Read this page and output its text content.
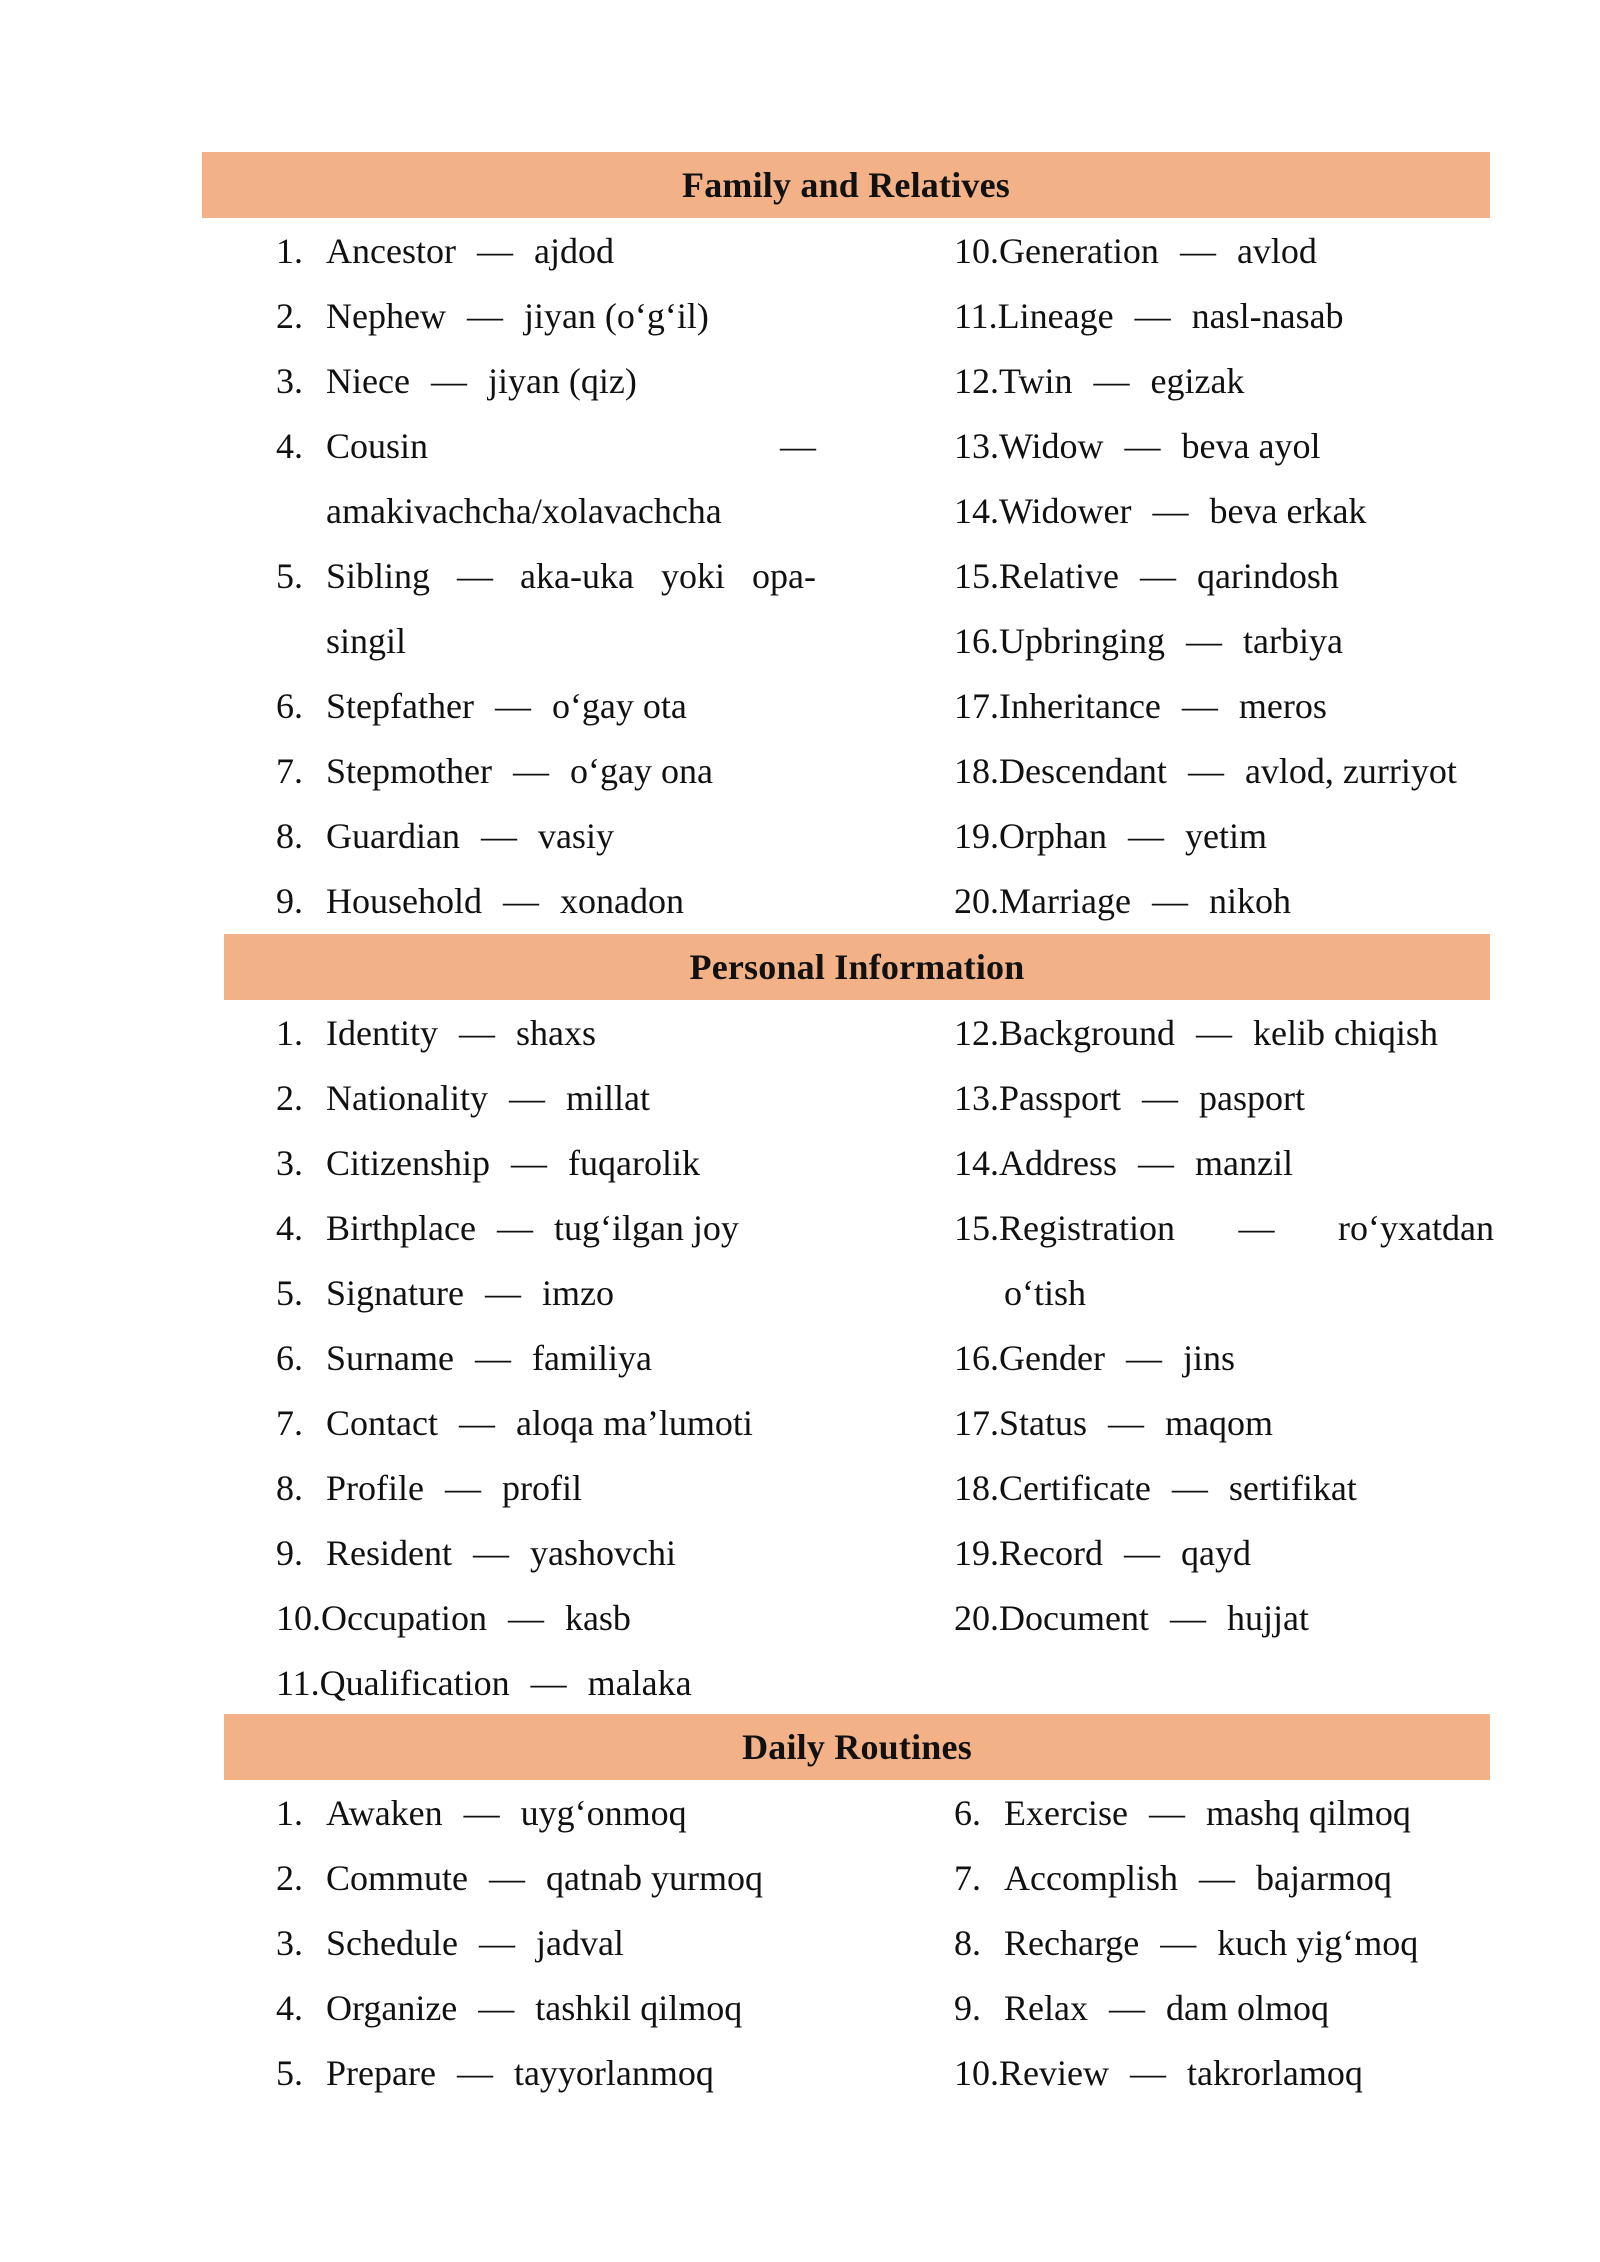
Family and Relatives
1. Ancestor — ajdod
2. Nephew — jiyan (o‘g‘il)
3. Niece — jiyan (qiz)
4. Cousin	—
amakivachcha/xolavachcha
5. Sibling — aka-uka yoki opa-
singil
6. Stepfather — o‘gay ota
7. Stepmother — o‘gay ona
8. Guardian — vasiy
9. Household — xonadon
10.Generation — avlod
11.Lineage — nasl-nasab
12.Twin — egizak
13.Widow — beva ayol
14.Widower — beva erkak
15.Relative — qarindosh
16.Upbringing — tarbiya
17.Inheritance — meros
18.Descendant — avlod, zurriyot
19.Orphan — yetim
20.Marriage — nikoh
Personal Information
1. Identity — shaxs
2. Nationality — millat
3. Citizenship — fuqarolik
4. Birthplace — tug‘ilgan joy
5. Signature — imzo
6. Surname — familiya
7. Contact — aloqa ma’lumoti
8. Profile — profil
9. Resident — yashovchi
10.Occupation — kasb
11.Qualification — malaka
12.Background — kelib chiqish
13.Passport — pasport
14.Address — manzil
15.Registration — ro‘yxatdan
o‘tish
16.Gender — jins
17.Status — maqom
18.Certificate — sertifikat
19.Record — qayd
20.Document — hujjat
Daily Routines
1. Awaken — uyg‘onmoq
2. Commute — qatnab yurmoq
3. Schedule — jadval
4. Organize — tashkil qilmoq
5. Prepare — tayyorlanmoq
6. Exercise — mashq qilmoq
7. Accomplish — bajarmoq
8. Recharge — kuch yig‘moq
9. Relax — dam olmoq
10.Review — takrorlamoq
